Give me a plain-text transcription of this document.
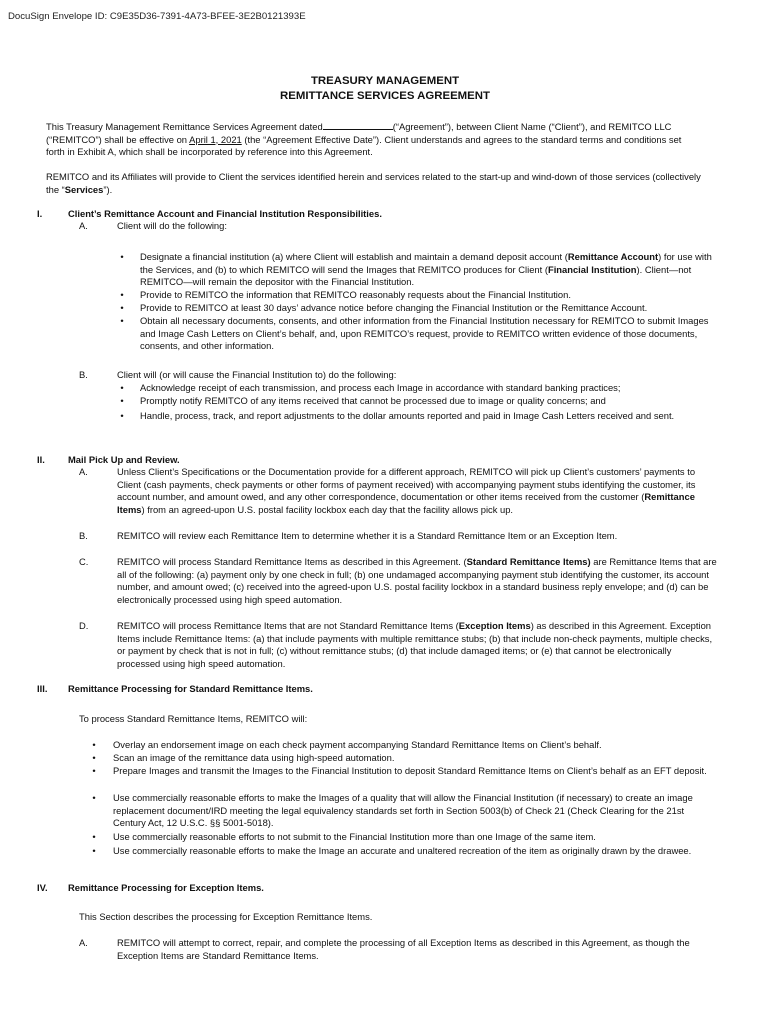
DocuSign Envelope ID: C9E35D36-7391-4A73-BFEE-3E2B0121393E
TREASURY MANAGEMENT
REMITTANCE SERVICES AGREEMENT
This Treasury Management Remittance Services Agreement dated	(“Agreement”), between Client Name (“Client”), and REMITCO LLC (“REMITCO”) shall be effective on April 1, 2021 (the “Agreement Effective Date”). Client understands and agrees to the standard terms and conditions set forth in Exhibit A, which shall be incorporated by reference into this Agreement.
REMITCO and its Affiliates will provide to Client the services identified herein and services related to the start-up and wind-down of those services (collectively the “Services”).
I.	Client’s Remittance Account and Financial Institution Responsibilities.
A.	Client will do the following:
• Designate a financial institution (a) where Client will establish and maintain a demand deposit account (Remittance Account) for use with the Services, and (b) to which REMITCO will send the Images that REMITCO produces for Client (Financial Institution). Client—not REMITCO—will remain the depositor with the Financial Institution.
• Provide to REMITCO the information that REMITCO reasonably requests about the Financial Institution.
• Provide to REMITCO at least 30 days’ advance notice before changing the Financial Institution or the Remittance Account.
• Obtain all necessary documents, consents, and other information from the Financial Institution necessary for REMITCO to submit Images and Image Cash Letters on Client’s behalf, and, upon REMITCO’s request, provide to REMITCO written evidence of those documents, consents, and other information.
B.	Client will (or will cause the Financial Institution to) do the following:
• Acknowledge receipt of each transmission, and process each Image in accordance with standard banking practices;
• Promptly notify REMITCO of any items received that cannot be processed due to image or quality concerns; and
• Handle, process, track, and report adjustments to the dollar amounts reported and paid in Image Cash Letters received and sent.
II. Mail Pick Up and Review.
A.	Unless Client’s Specifications or the Documentation provide for a different approach, REMITCO will pick up Client’s customers’ payments to Client (cash payments, check payments or other forms of payment received) with accompanying payment stubs identifying the customer, its account number, and amount owed, and any other correspondence, documentation or other items received from the customer (Remittance Items) from an agreed-upon U.S. postal facility lockbox each day that the facility allows pick up.
B.	REMITCO will review each Remittance Item to determine whether it is a Standard Remittance Item or an Exception Item.
C.	REMITCO will process Standard Remittance Items as described in this Agreement. (Standard Remittance Items) are Remittance Items that are all of the following: (a) payment only by one check in full; (b) one undamaged accompanying payment stub identifying the customer, its account number, and amount owed; (c) received into the agreed-upon U.S. postal facility lockbox in a standard business reply envelope; and (d) can be electronically processed using high speed automation.
D.	REMITCO will process Remittance Items that are not Standard Remittance Items (Exception Items) as described in this Agreement. Exception Items include Remittance Items: (a) that include payments with multiple remittance stubs; (b) that include non-check payments, multiple checks, or payment by check that is not in full; (c) without remittance stubs; (d) that include damaged items; or (e) that cannot be electronically processed using high speed automation.
III. Remittance Processing for Standard Remittance Items.
To process Standard Remittance Items, REMITCO will:
• Overlay an endorsement image on each check payment accompanying Standard Remittance Items on Client’s behalf.
• Scan an image of the remittance data using high-speed automation.
• Prepare Images and transmit the Images to the Financial Institution to deposit Standard Remittance Items on Client’s behalf as an EFT deposit.
• Use commercially reasonable efforts to make the Images of a quality that will allow the Financial Institution (if necessary) to create an image replacement document/IRD meeting the legal equivalency standards set forth in Section 5003(b) of Check 21 (Check Clearing for the 21st Century Act, 12 U.S.C. §§ 5001-5018).
• Use commercially reasonable efforts to not submit to the Financial Institution more than one Image of the same item.
• Use commercially reasonable efforts to make the Image an accurate and unaltered recreation of the item as originally drawn by the drawee.
IV. Remittance Processing for Exception Items.
This Section describes the processing for Exception Remittance Items.
A.	REMITCO will attempt to correct, repair, and complete the processing of all Exception Items as described in this Agreement, as though the Exception Items are Standard Remittance Items.
